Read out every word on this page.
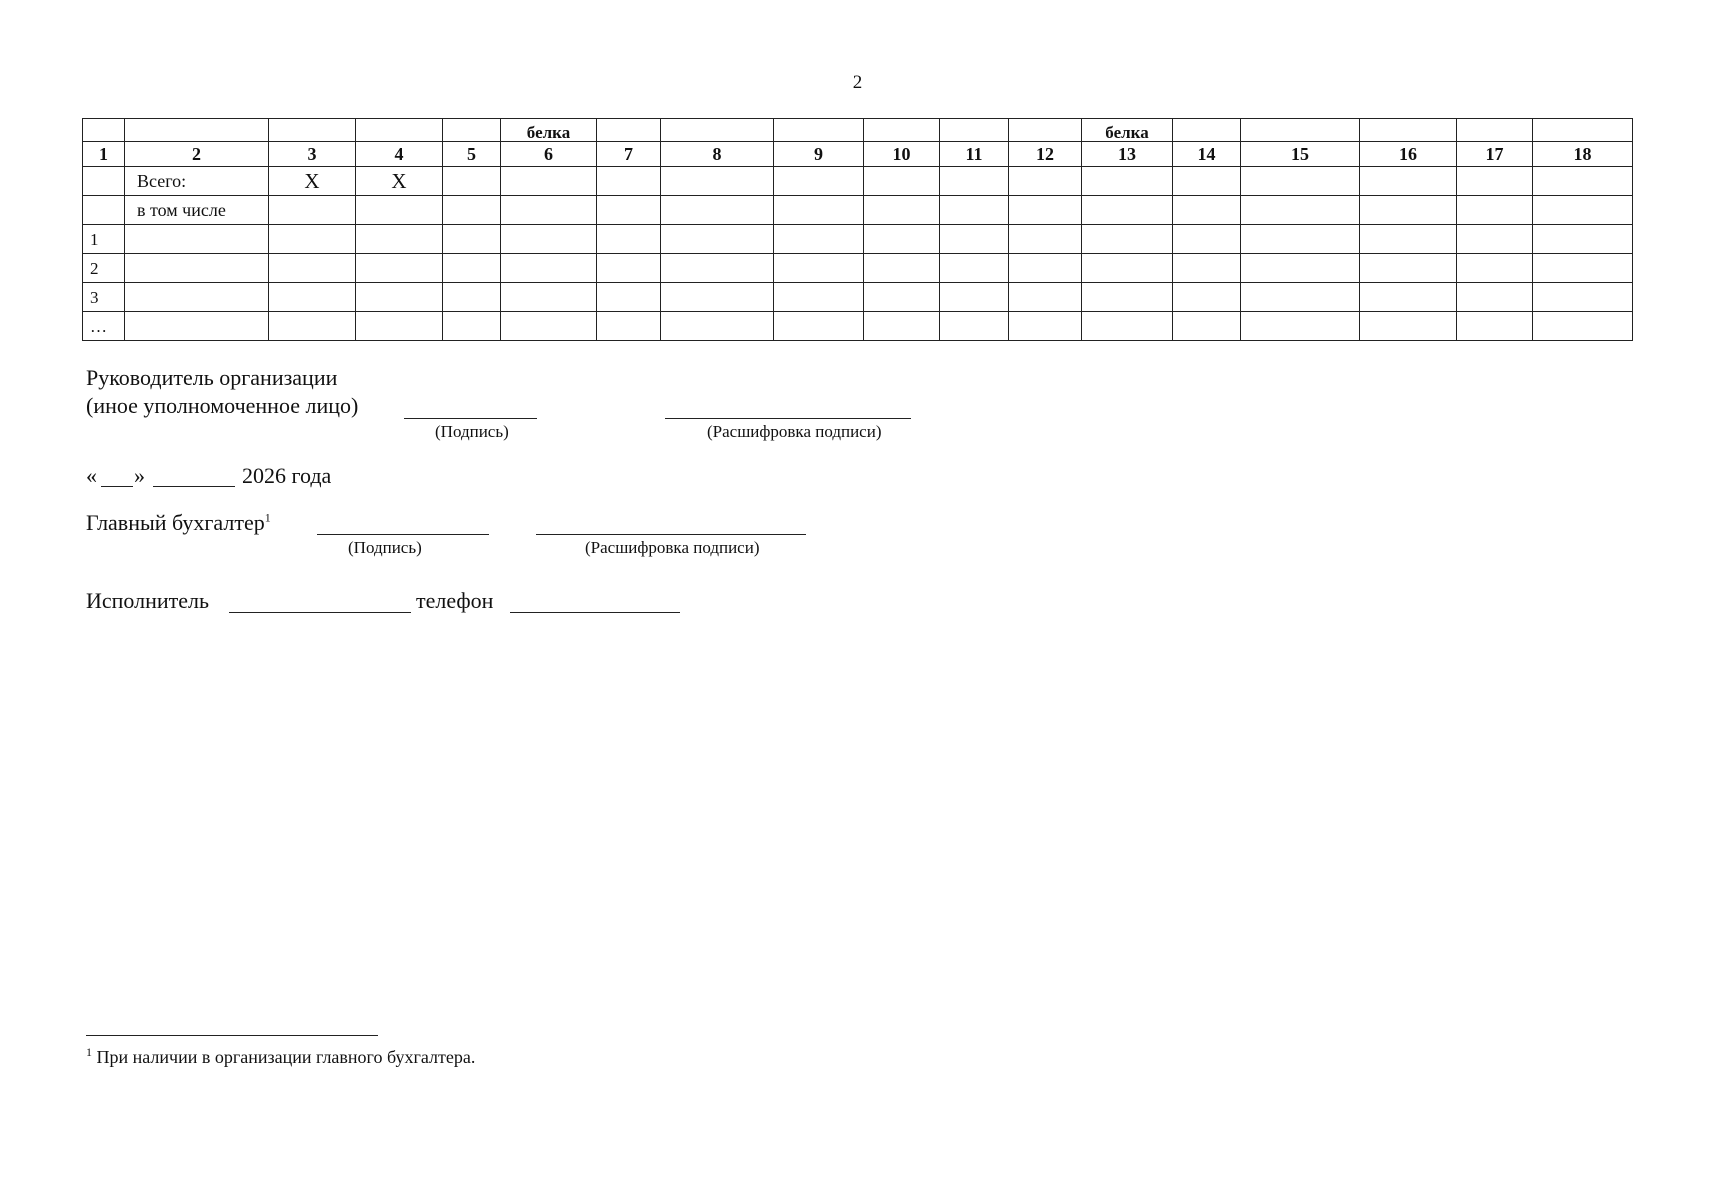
2
					белка							белка					
1	2	3	4	5	6	7	8	9	10	11	12	13	14	15	16	17	18
	Всего:	X	X														
	в том числе																
1																	
2																	
3																	
…																	
Руководитель организации
(иное уполномоченное лицо)
(Подпись)	(Расшифровка подписи)
« »	2026 года
Главный бухгалтер$^1$
(Подпись)	(Расшифровка подписи)
Исполнитель	телефон
$^1$ При наличии в организации главного бухгалтера.
